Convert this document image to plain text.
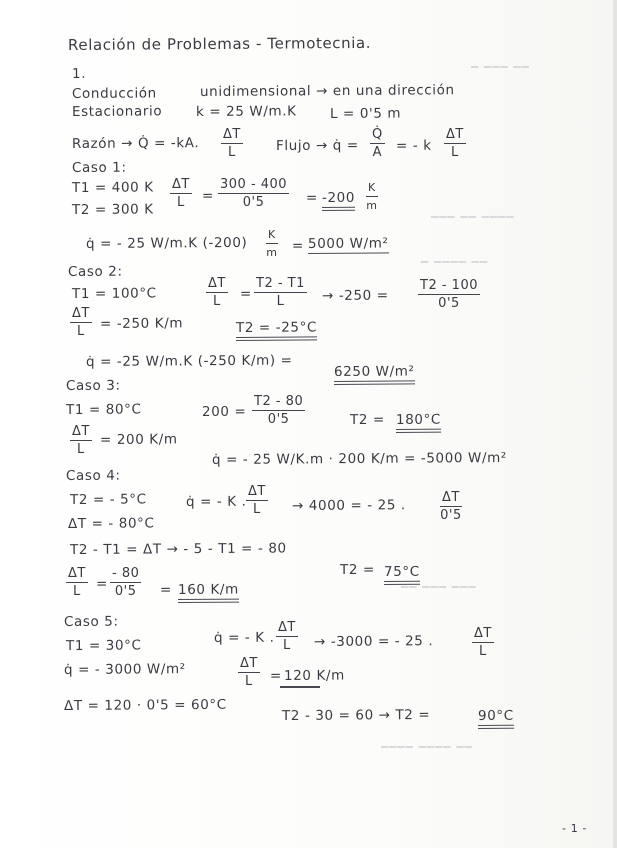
━━ ━━━ ━
━━━━ ━━ ━━━
━━ ━━━━ ━
━━━ ━━━ ━━
━━ ━━━━ ━━━━
Relación de Problemas - Termotecnia.
1.
Conducción	unidimensional → en una dirección
Estacionario k = 25 W/m.K L = 0'5 m
Razón → Q̇ = -kA. $\frac{\Delta T}{L}$ Flujo → q̇ = $\frac{Q̇}{A}$ = - k $\frac{\Delta T}{L}$
Caso 1:
T1 = 400 K
T2 = 300 K $\frac{\Delta T}{L} = \frac{300 - 400}{0'5} = -200 \frac{K}{m}$
q̇ = - 25 W/m.K $(-200) \frac{K}{m} = 5000$ W/m²
Caso 2:
T1 = 100°C	$\frac{\Delta T}{L} = \frac{T2 - T1}{L} \to -250 = \frac{T2 - 100}{0'5}$
$\frac{\Delta T}{L} = -250$ K/m	T2 = -25°C
q̇ = -25 W/m.K (-250 K/m) =
6250 W/m²
Caso 3:
T1 = 80°C	$200 = \frac{T2 - 80}{0'5}$	T2 = 180°C
$\frac{\Delta T}{L} = 200$ K/m
q̇ = - 25 W/K.m · 200 K/m = -5000 W/m²
Caso 4:
T2 = - 5°C	q̇ = - K . $\frac{\Delta T}{L} \to 4000$ = - 25 .	$\frac{\Delta T}{0'5}$
ΔT = - 80°C
T2 - T1 = ΔT → - 5 - T1 = - 80
T2 = 75°C
$\frac{\Delta T}{L} = \frac{- 80}{0'5} = 160$ K/m
Caso 5:
T1 = 30°C	q̇ = - K . $\frac{\Delta T}{L} \to -3000$ = - 25 .	$\frac{\Delta T}{L}$
q̇ = - 3000 W/m²	$\frac{\Delta T}{L} = 120$ K/m
ΔT = 120 · 0'5 = 60°C
T2 - 30 = 60 → T2 =	90°C
- 1 -
